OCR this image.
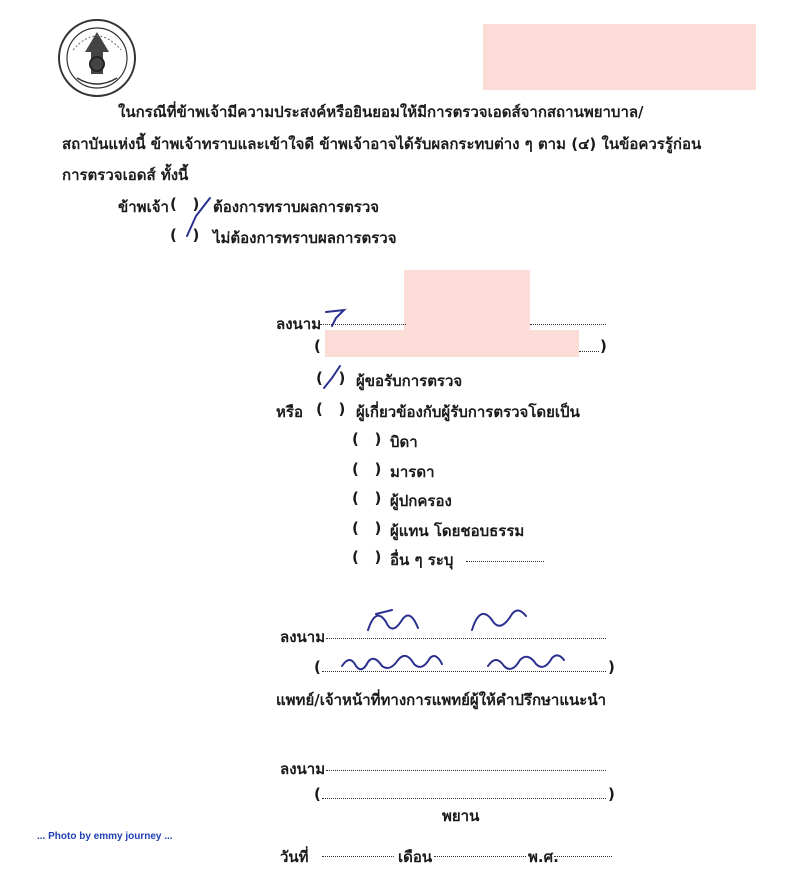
ในกรณีที่ข้าพเจ้ามีความประสงค์หรือยินยอมให้มีการตรวจเอดส์จากสถานพยาบาล/
สถาบันแห่งนี้ ข้าพเจ้าทราบและเข้าใจดี ข้าพเจ้าอาจได้รับผลกระทบต่าง ๆ ตาม (๔) ในข้อควรรู้ก่อน
การตรวจเอดส์ ทั้งนี้
ข้าพเจ้า (   ) ต้องการทราบผลการตรวจ
(   ) ไม่ต้องการทราบผลการตรวจ
ลงนาม
(	)
(   ) ผู้ขอรับการตรวจ
หรือ (   ) ผู้เกี่ยวข้องกับผู้รับการตรวจโดยเป็น
(   ) บิดา
(   ) มารดา
(   ) ผู้ปกครอง
(   ) ผู้แทน โดยชอบธรรม
(   ) อื่น ๆ ระบุ
ลงนาม
(	)
แพทย์/เจ้าหน้าที่ทางการแพทย์ผู้ให้คำปรึกษาแนะนำ
ลงนาม
(	)
พยาน
วันที่	เดือน	พ.ศ.
... Photo by emmy journey ...
